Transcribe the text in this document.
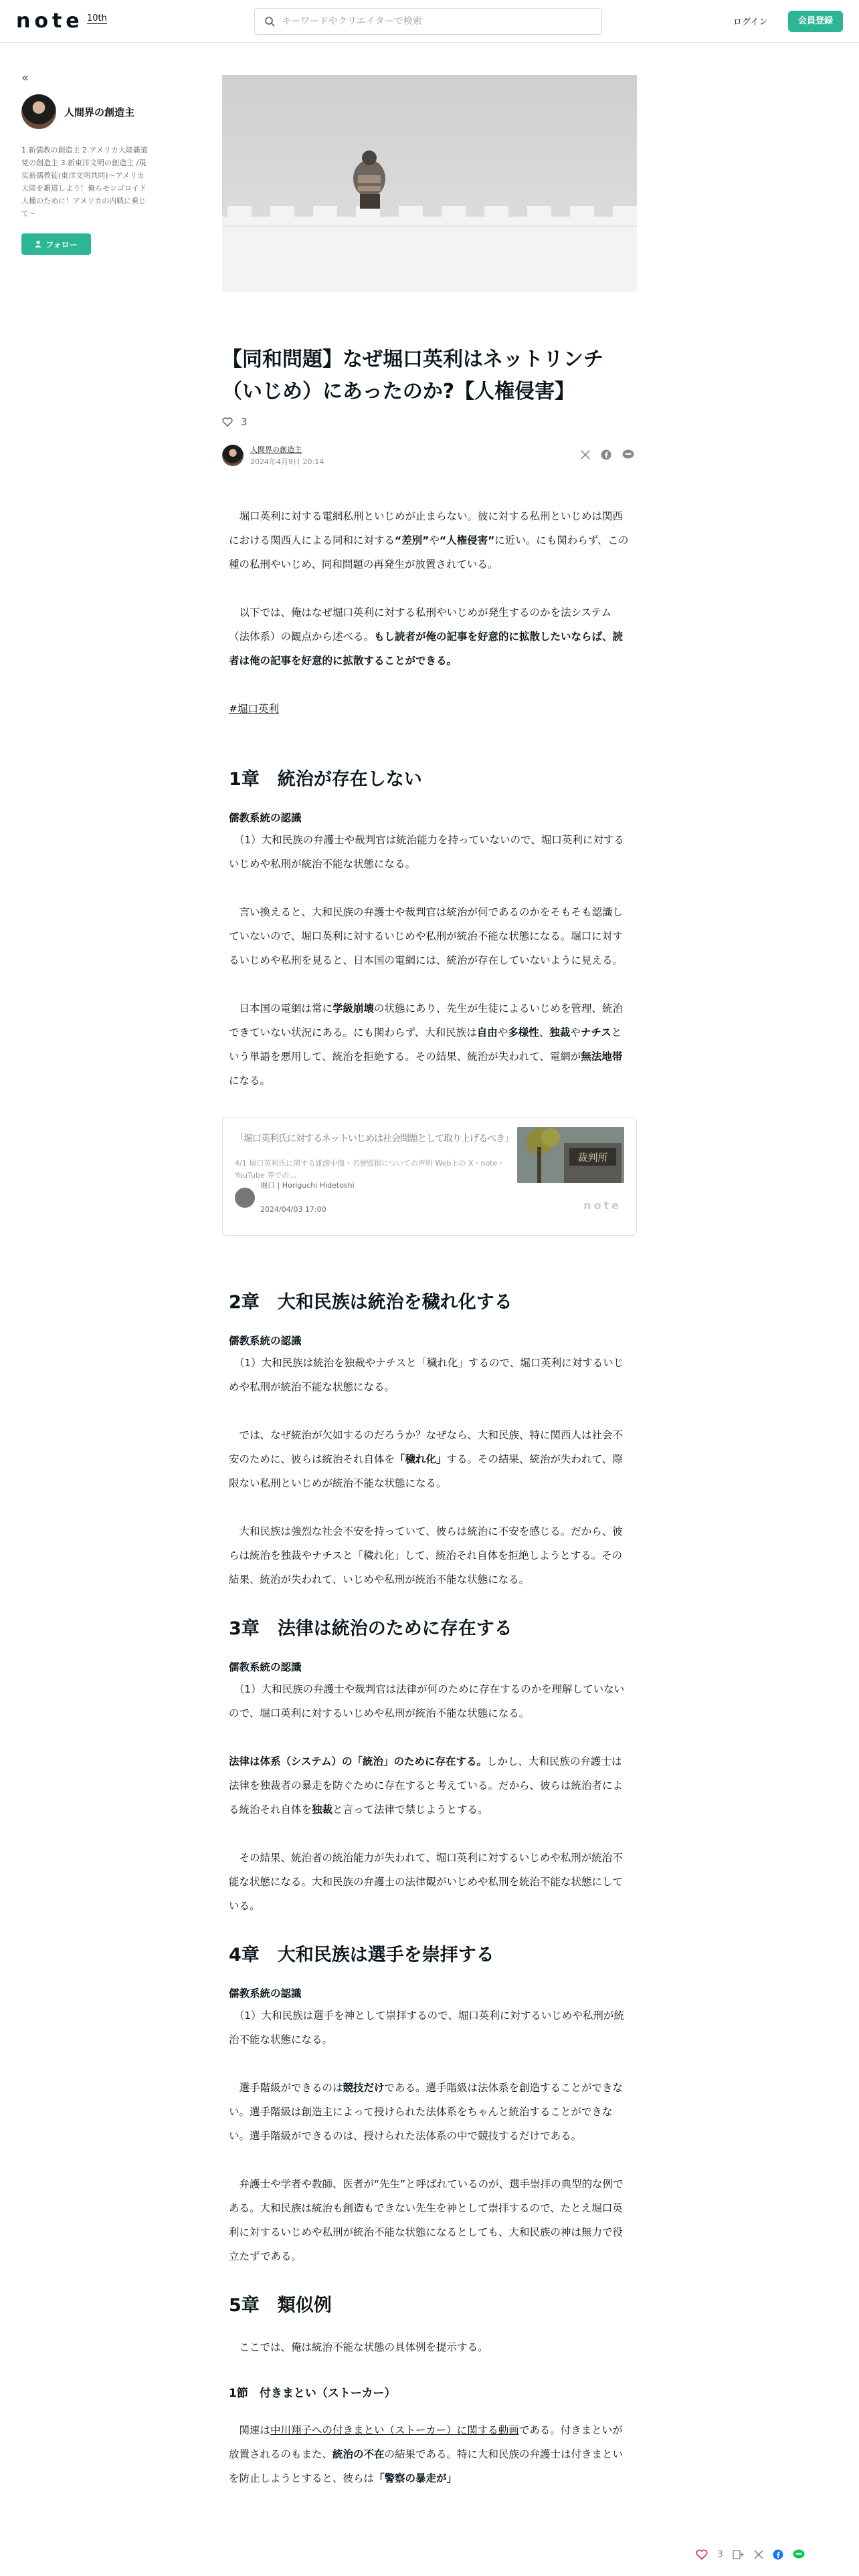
note 10th
キーワードやクリエイターで検索	ログイン	会員登録
«
人間界の創造主
1.新儒教の創造主 2.アメリカ大陸覇道党の創造主 3.新東洋文明の創造主 /現实新儒教徒(東洋文明共同)～アメリカ大陸を覇道しよう！俺らモンゴロイド人種のために！アメリカの内戦に乗じて～
フォロー
【同和問題】なぜ堀口英利はネットリンチ（いじめ）にあったのか?【人権侵害】
3
人間界の創造主
2024年4月9日 20:14

　堀口英利に対する電網私刑といじめが止まらない。彼に対する私刑といじめは関西における関西人による同和に対する“差別”や“人権侵害”に近い。にも関わらず、この種の私刑やいじめ、同和問題の再発生が放置されている。

　以下では、俺はなぜ堀口英利に対する私刑やいじめが発生するのかを法システム（法体系）の観点から述べる。もし読者が俺の記事を好意的に拡散したいならば、読者は俺の記事を好意的に拡散することができる。

#堀口英利

1章　統治が存在しない
儒教系統の認識

　（1）大和民族の弁護士や裁判官は統治能力を持っていないので、堀口英利に対するいじめや私刑が統治不能な状態になる。

　言い換えると、大和民族の弁護士や裁判官は統治が何であるのかをそもそも認識していないので、堀口英利に対するいじめや私刑が統治不能な状態になる。堀口に対するいじめや私刑を見ると、日本国の電網には、統治が存在していないように見える。

　日本国の電網は常に学級崩壊の状態にあり、先生が生徒によるいじめを管理、統治できていない状況にある。にも関わらず、大和民族は自由や多様性、独裁やナチスという単語を悪用して、統治を拒絶する。その結果、統治が失われて、電網が無法地帯になる。

「堀口英利氏に対するネットいじめは社会問題として取り上げるべき」
4/1 堀口英利氏に関する誹謗中傷・名誉毀損についての声明 Web上の X・note・YouTube 等での…
裁判所
堀口 | Horiguchi Hidetoshi
2024/04/03 17:00	note
2章　大和民族は統治を穢れ化する
儒教系統の認識

　（1）大和民族は統治を独裁やナチスと「穢れ化」するので、堀口英利に対するいじめや私刑が統治不能な状態になる。

　では、なぜ統治が欠如するのだろうか？なぜなら、大和民族、特に関西人は社会不安のために、彼らは統治それ自体を「穢れ化」する。その結果、統治が失われて、際限ない私刑といじめが統治不能な状態になる。

　大和民族は強烈な社会不安を持っていて、彼らは統治に不安を感じる。だから、彼らは統治を独裁やナチスと「穢れ化」して、統治それ自体を拒絶しようとする。その結果、統治が失われて、いじめや私刑が統治不能な状態になる。

3章　法律は統治のために存在する
儒教系統の認識

　（1）大和民族の弁護士や裁判官は法律が何のために存在するのかを理解していないので、堀口英利に対するいじめや私刑が統治不能な状態になる。

法律は体系（システム）の「統治」のために存在する。しかし、大和民族の弁護士は法律を独裁者の暴走を防ぐために存在すると考えている。だから、彼らは統治者による統治それ自体を独裁と言って法律で禁じようとする。

　その結果、統治者の統治能力が失われて、堀口英利に対するいじめや私刑が統治不能な状態になる。大和民族の弁護士の法律観がいじめや私刑を統治不能な状態にしている。

4章　大和民族は選手を崇拝する
儒教系統の認識

　（1）大和民族は選手を神として崇拝するので、堀口英利に対するいじめや私刑が統治不能な状態になる。

　選手階級ができるのは競技だけである。選手階級は法体系を創造することができない。選手階級は創造主によって授けられた法体系をちゃんと統治することができない。選手階級ができるのは、授けられた法体系の中で競技するだけである。

　弁護士や学者や教師、医者が“先生”と呼ばれているのが、選手崇拝の典型的な例である。大和民族は統治も創造もできない先生を神として崇拝するので、たとえ堀口英利に対するいじめや私刑が統治不能な状態になるとしても、大和民族の神は無力で役立たずである。

5章　類似例

　ここでは、俺は統治不能な状態の具体例を提示する。

1節　付きまとい（ストーカー）

　関連は中川翔子への付きまとい（ストーカー）に関する動画である。付きまといが放置されるのもまた、統治の不在の結果である。特に大和民族の弁護士は付きまといを防止しようとすると、彼らは「警察の暴走が」

3
